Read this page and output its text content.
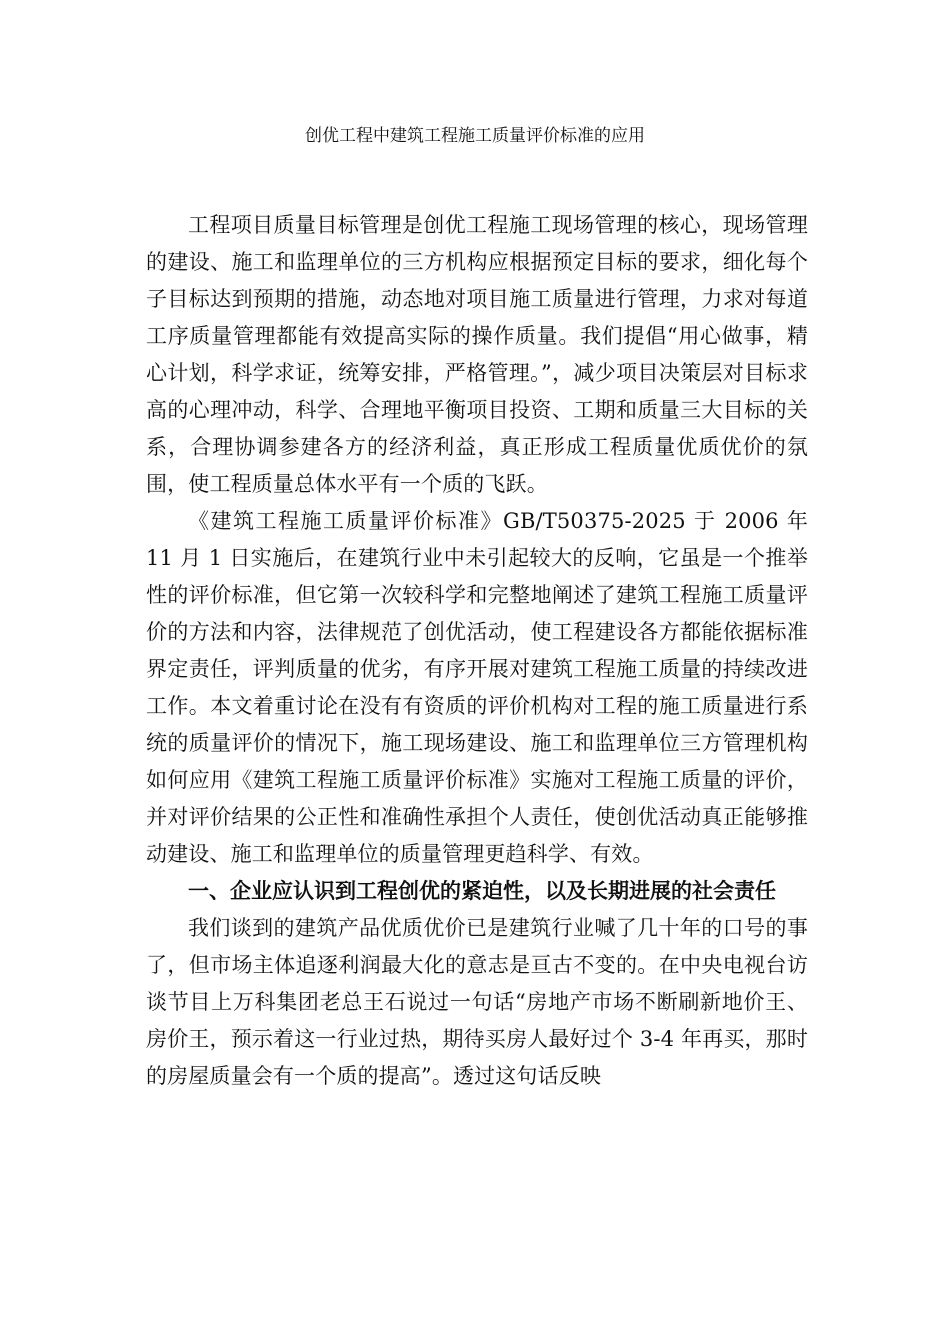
创优工程中建筑工程施工质量评价标准的应用

工程项目质量目标管理是创优工程施工现场管理的核心，现场管理的建设、施工和监理单位的三方机构应根据预定目标的要求，细化每个子目标达到预期的措施，动态地对项目施工质量进行管理，力求对每道工序质量管理都能有效提高实际的操作质量。我们提倡“用心做事，精心计划，科学求证，统筹安排，严格管理。”，减少项目决策层对目标求高的心理冲动，科学、合理地平衡项目投资、工期和质量三大目标的关系，合理协调参建各方的经济利益，真正形成工程质量优质优价的氛围，使工程质量总体水平有一个质的飞跃。

《建筑工程施工质量评价标准》GB/T50375-2025 于 2006 年 11 月 1 日实施后，在建筑行业中未引起较大的反响，它虽是一个推举性的评价标准，但它第一次较科学和完整地阐述了建筑工程施工质量评价的方法和内容，法律规范了创优活动，使工程建设各方都能依据标准界定责任，评判质量的优劣，有序开展对建筑工程施工质量的持续改进工作。本文着重讨论在没有有资质的评价机构对工程的施工质量进行系统的质量评价的情况下，施工现场建设、施工和监理单位三方管理机构如何应用《建筑工程施工质量评价标准》实施对工程施工质量的评价，并对评价结果的公正性和准确性承担个人责任，使创优活动真正能够推动建设、施工和监理单位的质量管理更趋科学、有效。

一、企业应认识到工程创优的紧迫性，以及长期进展的社会责任

我们谈到的建筑产品优质优价已是建筑行业喊了几十年的口号的事了，但市场主体追逐利润最大化的意志是亘古不变的。在中央电视台访谈节目上万科集团老总王石说过一句话“房地产市场不断刷新地价王、房价王，预示着这一行业过热，期待买房人最好过个 3-4 年再买，那时的房屋质量会有一个质的提高”。透过这句话反映
